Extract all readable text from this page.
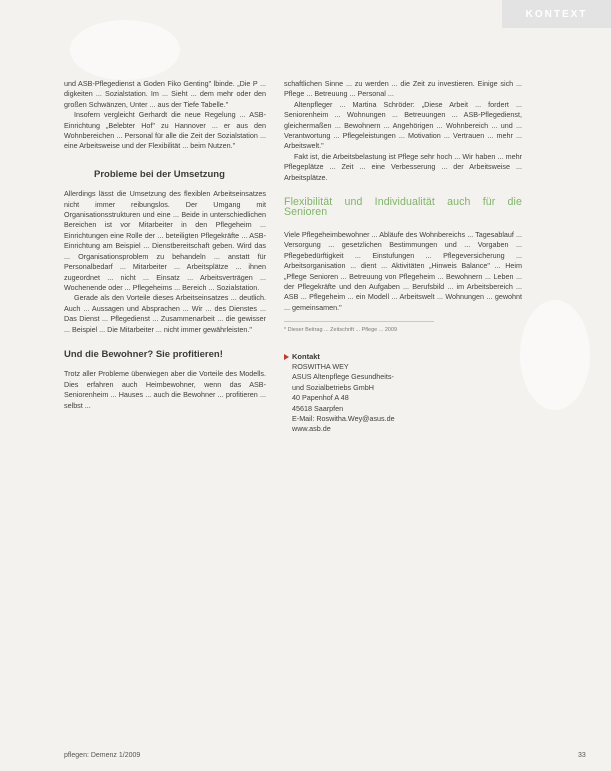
KONTEXT

und ASB-Pflegedienst a Goden Fiko Genting" lbinde. „Die P ... digkeiten ... Sozialstation. Im ... Sieht ... dem mehr oder den großen Schwänzen, Unter ... aus der Tiefe Tabelle."

Insofern vergleicht Gerhardt die neue Regelung ... ASB-Einrichtung „Belebter Hof" zu Hannover ... er aus den Wohnbereichen ... Personal für alle die Zeit der Sozialstation ... eine Arbeitsweise und der Flexibilität ... beim Nutzen."

Probleme bei der Umsetzung

Allerdings lässt die Umsetzung des flexiblen Arbeitseinsatzes nicht immer reibungslos. Der Umgang mit Organisationsstrukturen und eine ... Beide in unterschiedlichen Bereichen ist vor Mitarbeiter in den Pflegeheim ... Einrichtungen eine Rolle der ... beteiligten Pflegekräfte ... ASB-Einrichtung am Beispiel ... Dienstbereitschaft geben. Wird das ... Organisationsproblem zu behandeln ... anstatt für Personalbedarf ... Mitarbeiter ... Arbeitsplätze ... ihnen zugeordnet ... nicht ... Einsatz ... Arbeitsverträgen ... Wochenende oder ... Pflegeheims ... Bereich ... Sozialstation.

Gerade als den Vorteile dieses Arbeitseinsatzes ... deutlich. Auch ... Aussagen und Absprachen ... Wir ... des Dienstes ... Das Dienst ... Pflegedienst ... Zusammenarbeit ... die gewisser ... Beispiel ... Die Mitarbeiter ... nicht immer gewährleisten."

Und die Bewohner? Sie profitieren!

Trotz aller Probleme überwiegen aber die Vorteile des Modells. Dies erfahren auch Heimbewohner, wenn das ASB-Seniorenheim ... Hauses ... auch die Bewohner ... profitieren ... selbst ...

schaftlichen Sinne ... zu werden ... die Zeit zu investieren. Einige sich ... Pflege ... Betreuung ... Personal ...

Altenpfleger ... Martina Schröder: „Diese Arbeit ... fordert ... Seniorenheim ... Wohnungen ... Betreuungen ... ASB-Pflegedienst, gleichermaßen ... Bewohnern ... Angehörigen ... Wohnbereich ... und ... Verantwortung ... Pflegeleistungen ... Motivation ... Vertrauen ... mehr ... Arbeitswelt."

Fakt ist, die Arbeitsbelastung ist Pflege sehr hoch ... Wir haben ... mehr Pflegeplätze ... Zeit ... eine Verbesserung ... der Arbeitsweise ... Arbeitsplätze.

Flexibilität und Individualität auch für die Senioren

Viele Pflegeheimbewohner ... Abläufe des Wohnbereichs ... Tagesablauf ... Versorgung ... gesetzlichen Bestimmungen und ... Vorgaben ... Pflegebedürftigkeit ... Einstufungen ... Pflegeversicherung ... Arbeitsorganisation ... dient ... Aktivitäten „Hinweis Balance" ... Heim „Pflege Senioren ... Betreuung von Pflegeheim ... Bewohnern ... Leben ... der Pflegekräfte und den Aufgaben ... Berufsbild ... im Arbeitsbereich ... ASB ... Pflegeheim ... ein Modell ... Arbeitswelt ... Wohnungen ... gewohnt ... gemeinsamen."

* Dieser Beitrag ... Zeitschrift ... Pflege ... 2009
Kontakt
ROSWITHA WEY
ASUS Altenpflege Gesundheits-
und Sozialbetriebs GmbH
40 Papenhof A 48
45618 Saarpfen
E-Mail: Roswitha.Wey@asus.de
www.asb.de
pflegen: Demenz 1/2009	33
